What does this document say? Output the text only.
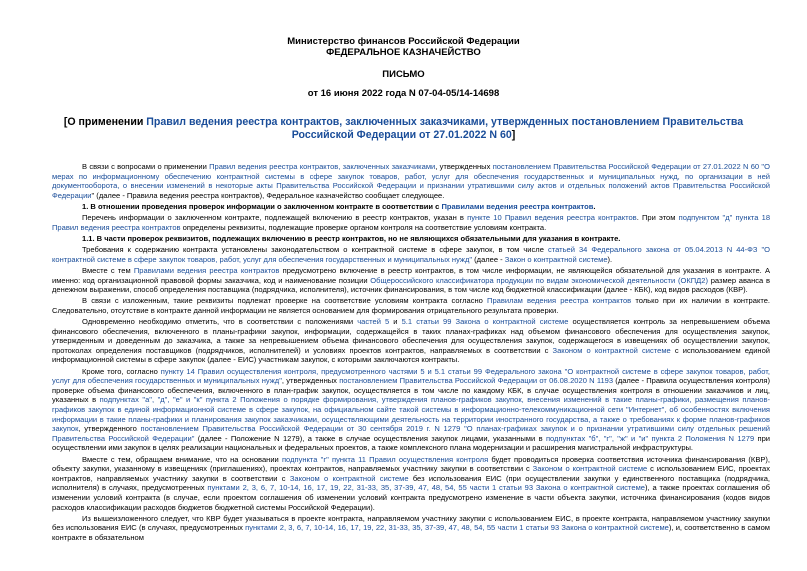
Министерство финансов Российской Федерации
ФЕДЕРАЛЬНОЕ КАЗНАЧЕЙСТВО
ПИСЬМО
от 16 июня 2022 года N 07-04-05/14-14698
[О применении Правил ведения реестра контрактов, заключенных заказчиками, утвержденных постановлением Правительства Российской Федерации от 27.01.2022 N 60]
В связи с вопросами о применении Правил ведения реестра контрактов, заключенных заказчиками, утвержденных постановлением Правительства Российской Федерации от 27.01.2022 N 60 "О мерах по информационному обеспечению контрактной системы в сфере закупок товаров, работ, услуг для обеспечения государственных и муниципальных нужд, по организации в ней документооборота, о внесении изменений в некоторые акты Правительства Российской Федерации и признании утратившими силу актов и отдельных положений актов Правительства Российской Федерации" (далее - Правила ведения реестра контрактов), Федеральное казначейство сообщает следующее.
1. В отношении проведения проверок информации о заключенном контракте в соответствии с Правилами ведения реестра контрактов.
Перечень информации о заключенном контракте, подлежащей включению в реестр контрактов, указан в пункте 10 Правил ведения реестра контрактов. При этом подпунктом "д" пункта 18 Правил ведения реестра контрактов определены реквизиты, подлежащие проверке органом контроля на соответствие условиям контракта.
1.1. В части проверок реквизитов, подлежащих включению в реестр контрактов, но не являющихся обязательными для указания в контракте.
Требования к содержанию контракта установлены законодательством о контрактной системе в сфере закупок, в том числе статьей 34 Федерального закона от 05.04.2013 N 44-ФЗ "О контрактной системе в сфере закупок товаров, работ, услуг для обеспечения государственных и муниципальных нужд" (далее - Закон о контрактной системе).
Вместе с тем Правилами ведения реестра контрактов предусмотрено включение в реестр контрактов, в том числе информации, не являющейся обязательной для указания в контракте. А именно: код организационной правовой формы заказчика, код и наименование позиции Общероссийского классификатора продукции по видам экономической деятельности (ОКПД2) размер аванса в денежном выражении, способ определения поставщика (подрядчика, исполнителя), источник финансирования, в том числе код бюджетной классификации (далее - КБК), код видов расходов (КВР).
В связи с изложенным, такие реквизиты подлежат проверке на соответствие условиям контракта согласно Правилам ведения реестра контрактов только при их наличии в контракте. Следовательно, отсутствие в контракте данной информации не является основанием для формирования отрицательного результата проверки.
Одновременно необходимо отметить, что в соответствии с положениями частей 5 и 5.1 статьи 99 Закона о контрактной системе осуществляется контроль за непревышением объема финансового обеспечения, включенного в планы-графики закупок, информации, содержащейся в таких планах-графиках над объемом финансового обеспечения для осуществления закупок, утвержденным и доведенным до заказчика, а также за непревышением объема финансового обеспечения для осуществления закупок, содержащегося в извещениях об осуществлении закупок, протоколах определения поставщиков (подрядчиков, исполнителей) и условиях проектов контрактов, направляемых в соответствии с Законом о контрактной системе с использованием единой информационной системы в сфере закупок (далее - ЕИС) участникам закупок, с которыми заключаются контракты.
Кроме того, согласно пункту 14 Правил осуществления контроля, предусмотренного частями 5 и 5.1 статьи 99 Федерального закона "О контрактной системе в сфере закупок товаров, работ, услуг для обеспечения государственных и муниципальных нужд", утвержденных постановлением Правительства Российской Федерации от 06.08.2020 N 1193 (далее - Правила осуществления контроля) проверке объема финансового обеспечения, включенного в план-график закупок, осуществляется в том числе по каждому КБК, в случае осуществления контроля в отношении заказчиков и лиц, указанных в подпунктах "а", "д", "е" и "к" пункта 2 Положения о порядке формирования, утверждения планов-графиков закупок, внесения изменений в такие планы-графики, размещения планов-графиков закупок в единой информационной системе в сфере закупок, на официальном сайте такой системы в информационно-телекоммуникационной сети "Интернет", об особенностях включения информации в такие планы-графики и планирования закупок заказчиками, осуществляющими деятельность на территории иностранного государства, а также о требованиях к форме планов-графиков закупок, утвержденного постановлением Правительства Российской Федерации от 30 сентября 2019 г. N 1279 "О планах-графиках закупок и о признании утратившими силу отдельных решений Правительства Российской Федерации" (далее - Положение N 1279), а также в случае осуществления закупок лицами, указанными в подпунктах "б", "г", "ж" и "и" пункта 2 Положения N 1279 при осуществлении ими закупок в целях реализации национальных и федеральных проектов, а также комплексного плана модернизации и расширения магистральной инфраструктуры.
Вместе с тем, обращаем внимание, что на основании подпункта "г" пункта 11 Правил осуществления контроля будет проводиться проверка соответствия источника финансирования (КВР), объекту закупки, указанному в извещениях (приглашениях), проектах контрактов, направляемых участнику закупки в соответствии с Законом о контрактной системе с использованием ЕИС, проектах контрактов, направляемых участнику закупки в соответствии с Законом о контрактной системе без использования ЕИС (при осуществлении закупки у единственного поставщика (подрядчика, исполнителя) в случаях, предусмотренных пунктами 2, 3, 6, 7, 10-14, 16, 17, 19, 22, 31-33, 35, 37-39, 47, 48, 54, 55 части 1 статьи 93 Закона о контрактной системе), а также проектах соглашения об изменении условий контракта (в случае, если проектом соглашения об изменении условий контракта предусмотрено изменение в части объекта закупки, источника финансирования (кодов видов расходов классификации расходов бюджетов бюджетной системы Российской Федерации).
Из вышеизложенного следует, что КВР будет указываться в проекте контракта, направляемом участнику закупки с использованием ЕИС, в проекте контракта, направляемом участнику закупки без использования ЕИС (в случаях, предусмотренных пунктами 2, 3, 6, 7, 10-14, 16, 17, 19, 22, 31-33, 35, 37-39, 47, 48, 54, 55 части 1 статьи 93 Закона о контрактной системе), и, соответственно в самом контракте в обязательном
